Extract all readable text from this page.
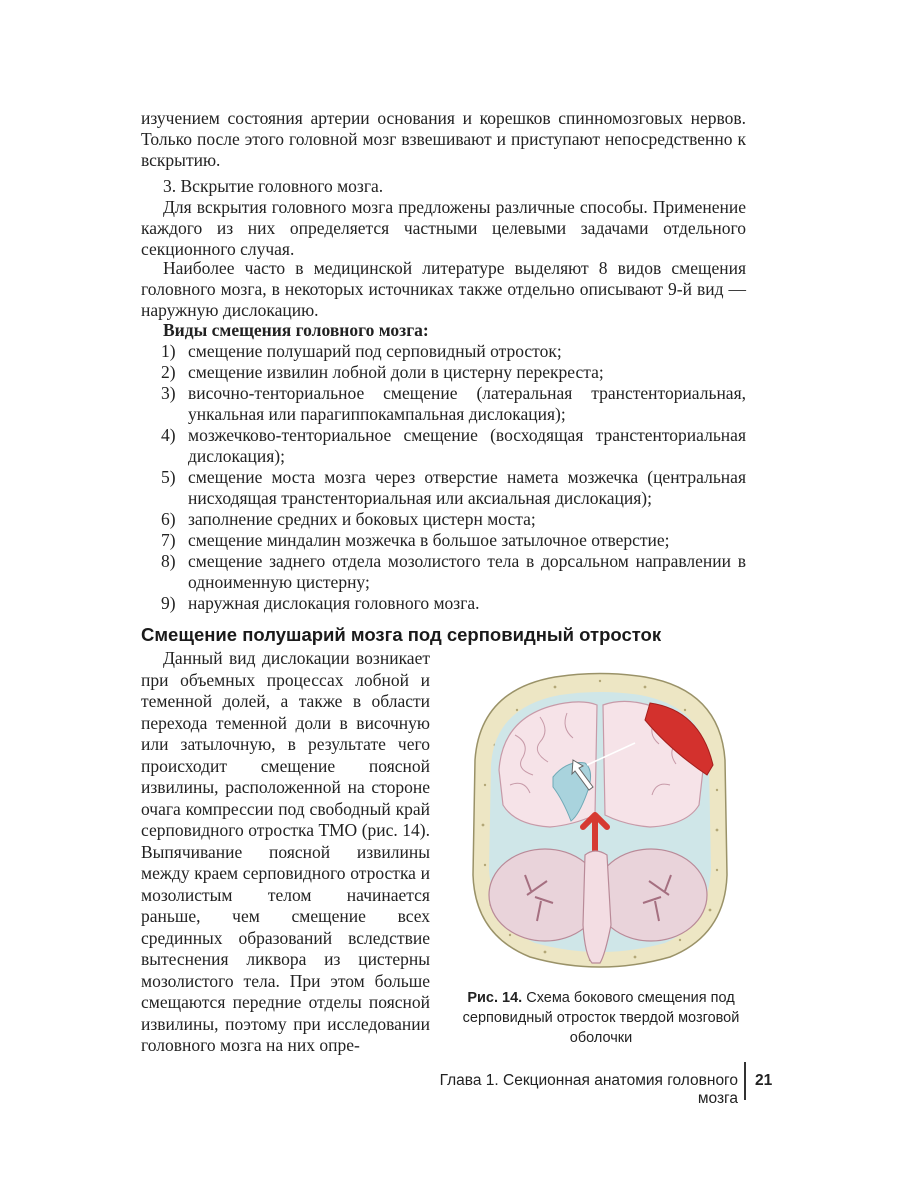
изучением состояния артерии основания и корешков спинномозговых нервов. Только после этого головной мозг взвешивают и приступают непосредственно к вскрытию.

3. Вскрытие головного мозга.

Для вскрытия головного мозга предложены различные способы. Применение каждого из них определяется частными целевыми задачами отдельного секционного случая.

Наиболее часто в медицинской литературе выделяют 8 видов смещения головного мозга, в некоторых источниках также отдельно описывают 9-й вид — наружную дислокацию.

Виды смещения головного мозга:
1) смещение полушарий под серповидный отросток;
2) смещение извилин лобной доли в цистерну перекреста;
3) височно-тенториальное смещение (латеральная транстенториальная, ункальная или парагиппокампальная дислокация);
4) мозжечково-тенториальное смещение (восходящая транстенториальная дислокация);
5) смещение моста мозга через отверстие намета мозжечка (центральная нисходящая транстенториальная или аксиальная дислокация);
6) заполнение средних и боковых цистерн моста;
7) смещение миндалин мозжечка в большое затылочное отверстие;
8) смещение заднего отдела мозолистого тела в дорсальном направлении в одноименную цистерну;
9) наружная дислокация головного мозга.
Смещение полушарий мозга под серповидный отросток

Данный вид дислокации возникает при объемных процессах лобной и теменной долей, а также в области перехода теменной доли в височную или затылочную, в результате чего происходит смещение поясной извилины, расположенной на стороне очага компрессии под свободный край серповидного отростка ТМО (рис. 14). Выпячивание поясной извилины между краем серповидного отростка и мозолистым телом начинается раньше, чем смещение всех срединных образований вследствие вытеснения ликвора из цистерны мозолистого тела. При этом больше смещаются передние отделы поясной извилины, поэтому при исследовании головного мозга на них опре-

Рис. 14. Схема бокового смещения под серповидный отросток твердой мозговой оболочки
Глава 1. Секционная анатомия головного мозга
21
